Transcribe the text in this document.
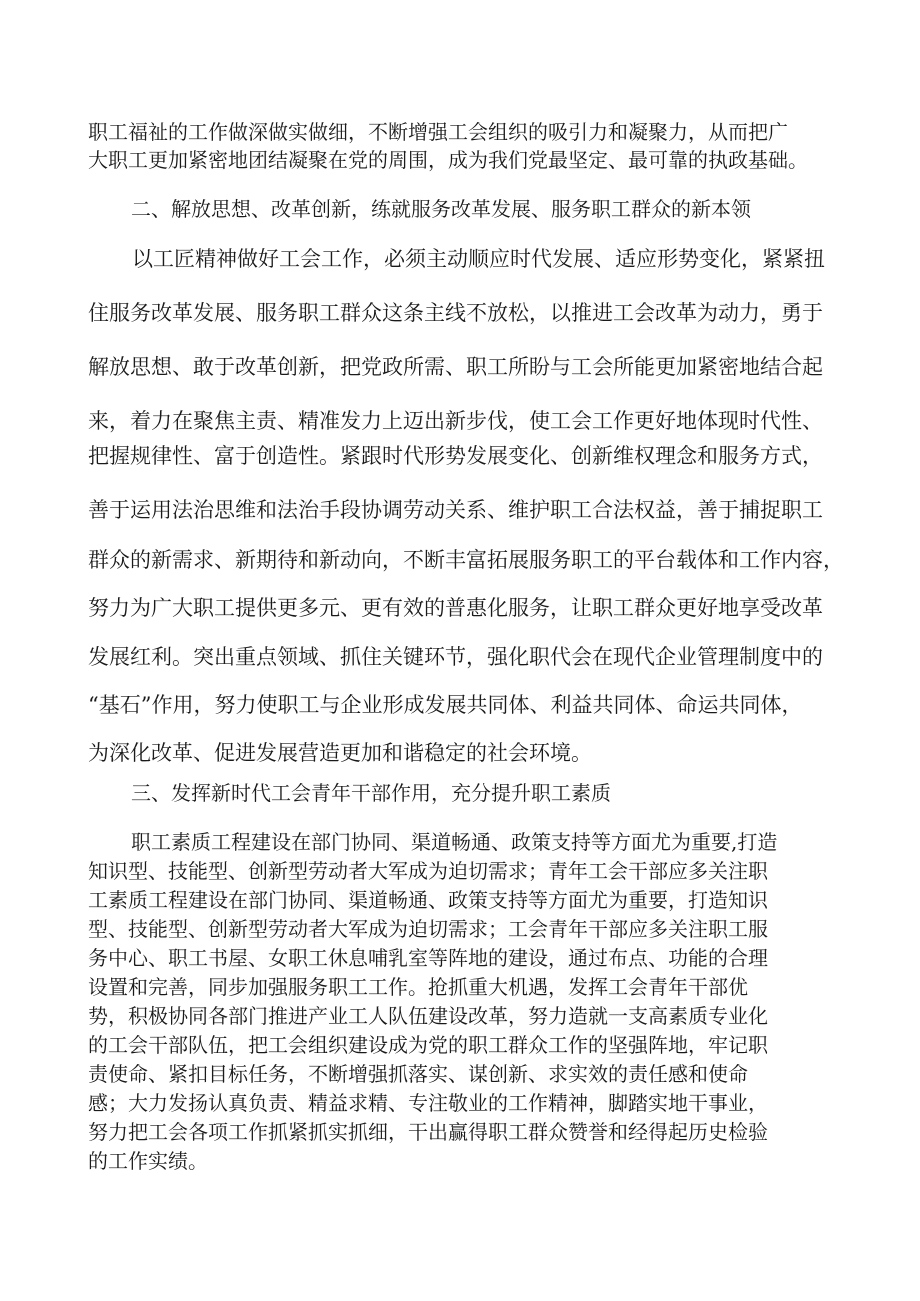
职工福祉的工作做深做实做细，不断增强工会组织的吸引力和凝聚力，从而把广
大职工更加紧密地团结凝聚在党的周围，成为我们党最坚定、最可靠的执政基础。
二、解放思想、改革创新，练就服务改革发展、服务职工群众的新本领
以工匠精神做好工会工作，必须主动顺应时代发展、适应形势变化，紧紧扭
住服务改革发展、服务职工群众这条主线不放松，以推进工会改革为动力，勇于
解放思想、敢于改革创新，把党政所需、职工所盼与工会所能更加紧密地结合起
来，着力在聚焦主责、精准发力上迈出新步伐，使工会工作更好地体现时代性、
把握规律性、富于创造性。紧跟时代形势发展变化、创新维权理念和服务方式，
善于运用法治思维和法治手段协调劳动关系、维护职工合法权益，善于捕捉职工
群众的新需求、新期待和新动向，不断丰富拓展服务职工的平台载体和工作内容，
努力为广大职工提供更多元、更有效的普惠化服务，让职工群众更好地享受改革
发展红利。突出重点领域、抓住关键环节，强化职代会在现代企业管理制度中的
“基石”作用，努力使职工与企业形成发展共同体、利益共同体、命运共同体，
为深化改革、促进发展营造更加和谐稳定的社会环境。
三、发挥新时代工会青年干部作用，充分提升职工素质
职工素质工程建设在部门协同、渠道畅通、政策支持等方面尤为重要,打造
知识型、技能型、创新型劳动者大军成为迫切需求；青年工会干部应多关注职
工素质工程建设在部门协同、渠道畅通、政策支持等方面尤为重要，打造知识
型、技能型、创新型劳动者大军成为迫切需求；工会青年干部应多关注职工服
务中心、职工书屋、女职工休息哺乳室等阵地的建设，通过布点、功能的合理
设置和完善，同步加强服务职工工作。抢抓重大机遇，发挥工会青年干部优
势，积极协同各部门推进产业工人队伍建设改革，努力造就一支高素质专业化
的工会干部队伍，把工会组织建设成为党的职工群众工作的坚强阵地，牢记职
责使命、紧扣目标任务，不断增强抓落实、谋创新、求实效的责任感和使命
感；大力发扬认真负责、精益求精、专注敬业的工作精神，脚踏实地干事业，
努力把工会各项工作抓紧抓实抓细，干出赢得职工群众赞誉和经得起历史检验
的工作实绩。
